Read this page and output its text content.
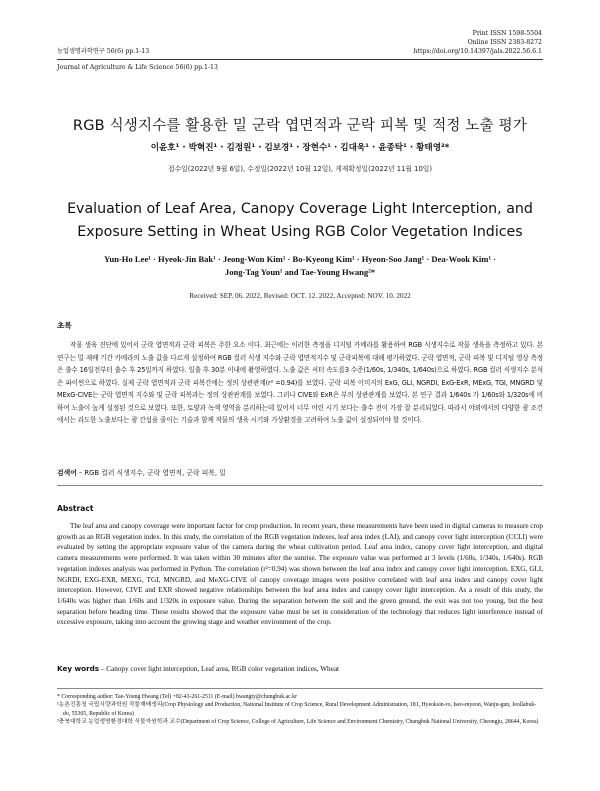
Print ISSN 1598-5504
Online ISSN 2383-8272
농업생명과학연구 56(6) pp.1-13	https://doi.org/10.14397/jals.2022.56.6.1
Journal of Agriculture & Life Science 56(6) pp.1-13
RGB 식생지수를 활용한 밀 군락 엽면적과 군락 피복 및 적정 노출 평가
이윤호¹ · 박혁진¹ · 김정원¹ · 김보경¹ · 장현수¹ · 김대욱¹ · 윤종탁¹ · 황태영²*
접수일(2022년 9월 6일), 수정일(2022년 10월 12일), 게재확정일(2022년 11월 10일)
Evaluation of Leaf Area, Canopy Coverage Light Interception, and
Exposure Setting in Wheat Using RGB Color Vegetation Indices
Yun-Ho Lee¹ · Hyeok-Jin Bak¹ · Jeong-Won Kim¹ · Bo-Kyeong Kim¹ · Hyeon-Soo Jang¹ · Dea-Wook Kim¹ ·
Jong-Tag Youn¹ and Tae-Young Hwang²*
Received: SEP. 06. 2022, Revised: OCT. 12. 2022, Accepted: NOV. 10. 2022
초록
작물 생육 진단에 있어서 군락 엽면적과 군락 피복은 주한 요소 이다. 최근에는 이러한 측정을 디지털 카메라를 활용하여 RGB 식생지수로 작물 생육을 측정하고 있다. 본 연구는 밀 재배 기간 카메라의 노출 값을 다르게 설정하여 RGB 컬러 식생 지수와 군락 엽면적지수 및 군락피복에 대해 평가하였다. 군락 엽면적, 군락 피복 및 디지털 영상 측정은 출수 16일전부터 출수 후 25일까지 하였다. 일출 후 30분 이내에 촬영하였다. 노출 값은 셔터 속도를3 수준(1/60s, 1/340s, 1/640s)으로 하였다. RGB 컬러 식생지수 분석은 파이썬으로 하였다. 실제 군락 엽면적과 군락 피복간에는 정의 상관관계(r² =0.94)를 보였다. 군락 피복 이미지의 ExG, GLI, NGRDI, ExG-ExR, MExG, TGI, MNGRD 및 MExG-CIVE는 군락 엽면적 지수와 및 군락 피복과는 정의 상관관계를 보였다. 그러나 CIVE와 ExR은 부의 상관관계를 보였다. 본 연구 결과 1/640s 가 1/60s와 1/320s에 비하여 노출이 높게 설정된 것으로 보였다. 또한, 토양과 녹색 영역을 분리하는데 있어서 너무 어린 시기 보다는 출수 전이 가장 잘 분리되었다. 따라서 야외에서의 다양한 광 조건에서는 과도한 노출보다는 광 간섭을 줄이는 기술과 함께 작물의 생육 시기와 가상환경을 고려하여 노출 값이 설정되어야 할 것이다.
검색어 – RGB 컬러 식생지수, 군락 엽면적, 군락 피복, 밀
Abstract
The leaf area and canopy coverage were important factor for crop production. In recent years, these measurements have been used in digital cameras to measure crop growth as an RGB vegetation index. In this study, the correlation of the RGB vegetation indexes, leaf area index (LAI), and canopy cover light interception (CCLI) were evaluated by setting the appropriate exposure value of the camera during the wheat cultivation period. Leaf area index, canopy cover light interception, and digital camera measurements were performed. It was taken within 30 minutes after the sunrise. The exposure value was performed at 3 levels (1/60s, 1/340s, 1/640s). RGB vegetation indexes analysis was performed in Python. The correlation (r²=0.94) was shown between the leaf area index and canopy cover light interception. EXG, GLI, NGRDI, EXG-EXR, MEXG, TGI, MNGRD, and MeXG-CIVE of canopy coverage images were positive correlated with leaf area index and canopy cover light interception. However, CIVE and EXR showed negative relationships between the leaf area index and canopy cover light interception. As a result of this study, the 1/640s was higher than 1/60s and 1/320s in exposure value. During the separation between the soil and the green ground, the exit was not too young, but the best separation before heading time. These results showed that the exposure value must be set in consideration of the technology that reduces light interference instead of excessive exposure, taking into account the growing stage and weather environment of the crop.
Key words – Canopy cover light interception, Leaf area, RGB color vegetation indices, Wheat
* Corresponding author: Tae-Young Hwang (Tel) +82-43-261-2511 (E-mail) hwangty@chungbuk.ac.kr
¹농촌진흥청 국립식량과학원 작물재배생리(Crop Physiology and Production, National Institute of Crop Science, Rural Development Administration, 181, Hyeoksin-ro, Iseo-myeon, Wanju-gun, Jeollabuk-do, 55365, Republic of Korea)
²충북대학교 농업생명환경대학 식물자원학과 교수(Department of Crop Science, College of Agriculture, Life Science and Environment Chemistry, Chungbuk National University, Cheongju, 28644, Korea)
